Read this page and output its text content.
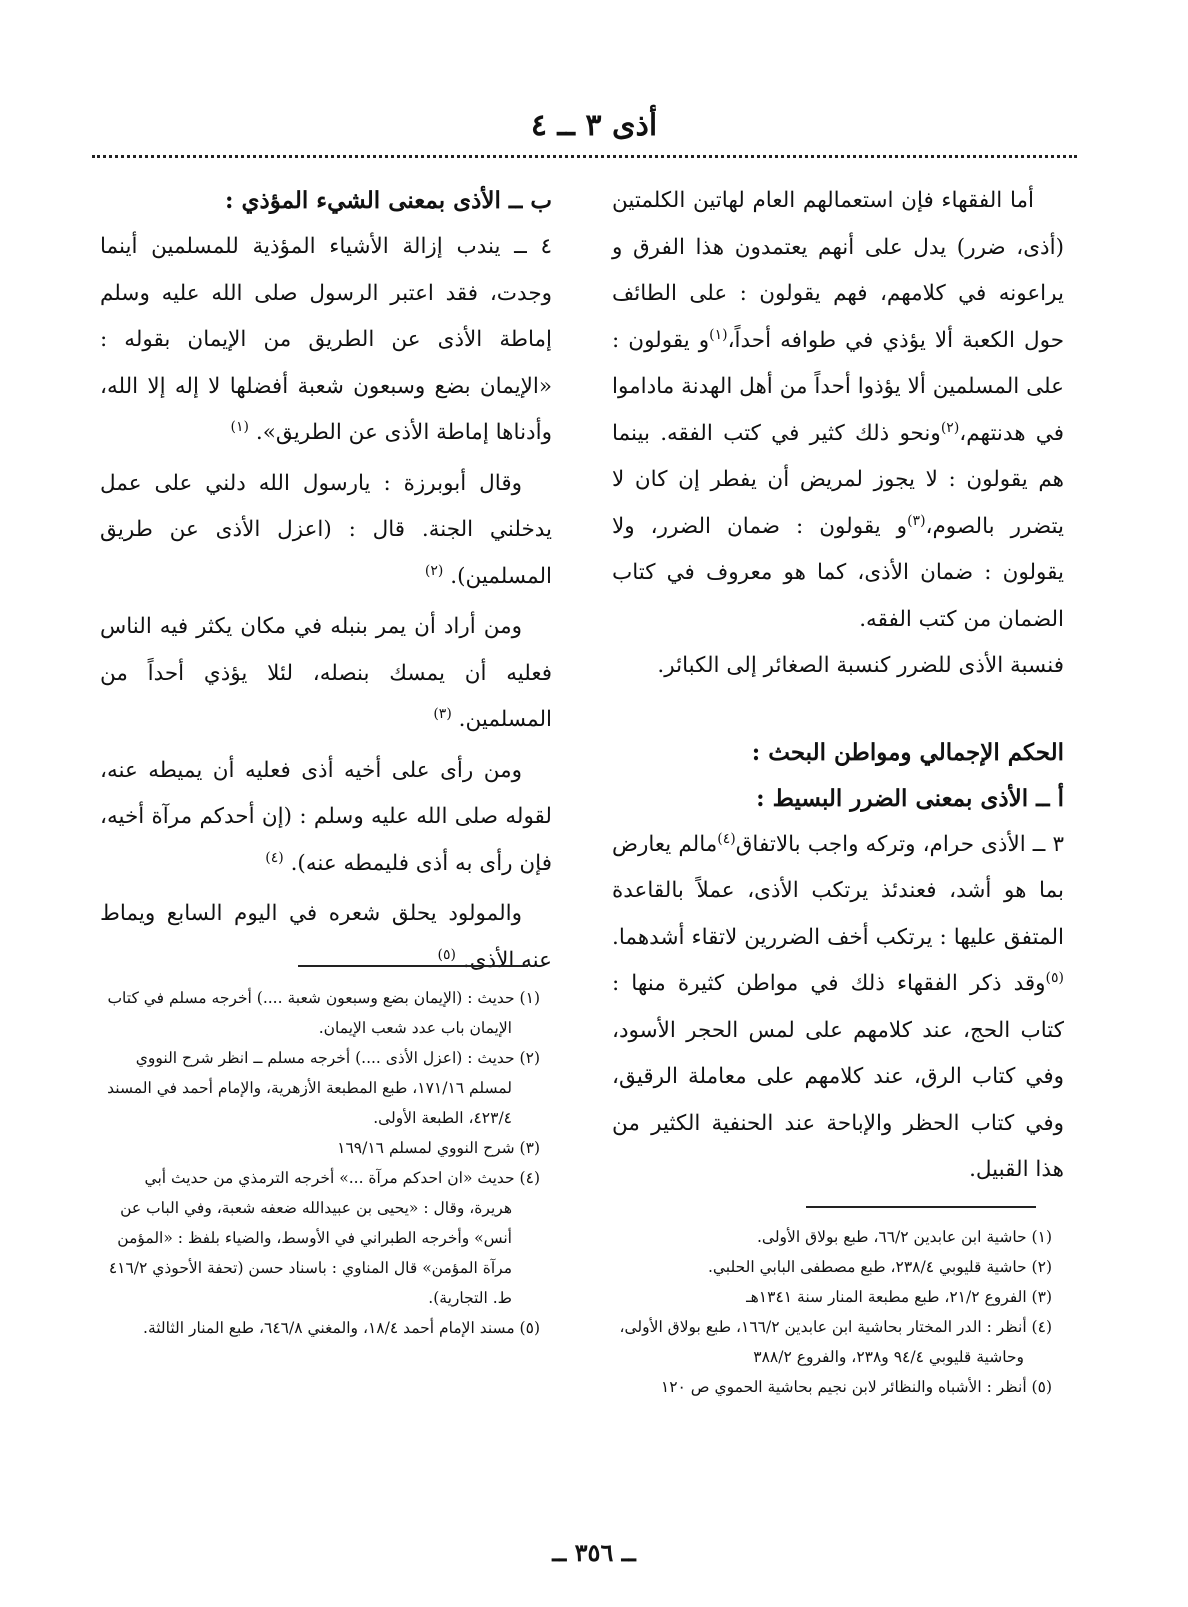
أذى ٣ ــ ٤

أما الفقهاء فإن استعمالهم العام لهاتين الكلمتين (أذى، ضرر) يدل على أنهم يعتمدون هذا الفرق و يراعونه في كلامهم، فهم يقولون : على الطائف حول الكعبة ألا يؤذي في طوافه أحداً،$^{(١)}$و يقولون : على المسلمين ألا يؤذوا أحداً من أهل الهدنة ماداموا في هدنتهم،$^{(٢)}$ونحو ذلك كثير في كتب الفقه. بينما هم يقولون : لا يجوز لمريض أن يفطر إن كان لا يتضرر بالصوم،$^{(٣)}$و يقولون : ضمان الضرر، ولا يقولون : ضمان الأذى، كما هو معروف في كتاب الضمان من كتب الفقه.

فنسبة الأذى للضرر كنسبة الصغائر إلى الكبائر.

الحكم الإجمالي ومواطن البحث :

أ ــ الأذى بمعنى الضرر البسيط :

٣ ــ الأذى حرام، وتركه واجب بالاتفاق$^{(٤)}$مالم يعارض بما هو أشد، فعندئذ يرتكب الأذى، عملاً بالقاعدة المتفق عليها : يرتكب أخف الضررين لاتقاء أشدهما.$^{(٥)}$وقد ذكر الفقهاء ذلك في مواطن كثيرة منها : كتاب الحج، عند كلامهم على لمس الحجر الأسود، وفي كتاب الرق، عند كلامهم على معاملة الرقيق، وفي كتاب الحظر والإباحة عند الحنفية الكثير من هذا القبيل.

ب ــ الأذى بمعنى الشيء المؤذي :

٤ ــ يندب إزالة الأشياء المؤذية للمسلمين أينما وجدت، فقد اعتبر الرسول صلى الله عليه وسلم إماطة الأذى عن الطريق من الإيمان بقوله : «الإيمان بضع وسبعون شعبة أفضلها لا إله إلا الله، وأدناها إماطة الأذى عن الطريق». $^{(١)}$

وقال أبوبرزة : يارسول الله دلني على عمل يدخلني الجنة. قال : (اعزل الأذى عن طريق المسلمين). $^{(٢)}$

ومن أراد أن يمر بنبله في مكان يكثر فيه الناس فعليه أن يمسك بنصله، لئلا يؤذي أحداً من المسلمين. $^{(٣)}$

ومن رأى على أخيه أذى فعليه أن يميطه عنه، لقوله صلى الله عليه وسلم : (إن أحدكم مرآة أخيه، فإن رأى به أذى فليمطه عنه). $^{(٤)}$

والمولود يحلق شعره في اليوم السابع ويماط عنه الأذى. $^{(٥)}$

(١) حديث : (الإيمان بضع وسبعون شعبة ....) أخرجه مسلم في كتاب الإيمان باب عدد شعب الإيمان.

(٢) حديث : (اعزل الأذى ....) أخرجه مسلم ــ انظر شرح النووي لمسلم ١٧١/١٦، طبع المطبعة الأزهرية، والإمام أحمد في المسند ٤٢٣/٤، الطبعة الأولى.

(٣) شرح النووي لمسلم ١٦٩/١٦

(٤) حديث «ان احدكم مرآة ...» أخرجه الترمذي من حديث أبي هريرة، وقال : «يحيى بن عبيدالله ضعفه شعبة، وفي الباب عن أنس» وأخرجه الطبراني في الأوسط، والضياء بلفظ : «المؤمن مرآة المؤمن» قال المناوي : باسناد حسن (تحفة الأحوذي ٤١٦/٢ ط. التجارية).

(٥) مسند الإمام أحمد ١٨/٤، والمغني ٦٤٦/٨، طبع المنار الثالثة.

(١) حاشية ابن عابدين ٦٦/٢، طبع بولاق الأولى.

(٢) حاشية قليوبي ٢٣٨/٤، طبع مصطفى البابي الحلبي.

(٣) الفروع ٢١/٢، طبع مطبعة المنار سنة ١٣٤١هـ

(٤) أنظر : الدر المختار بحاشية ابن عابدين ١٦٦/٢، طبع بولاق الأولى، وحاشية قليوبي ٩٤/٤ و٢٣٨، والفروع ٣٨٨/٢

(٥) أنظر : الأشباه والنظائر لابن نجيم بحاشية الحموي ص ١٢٠

ــ ٣٥٦ ــ
